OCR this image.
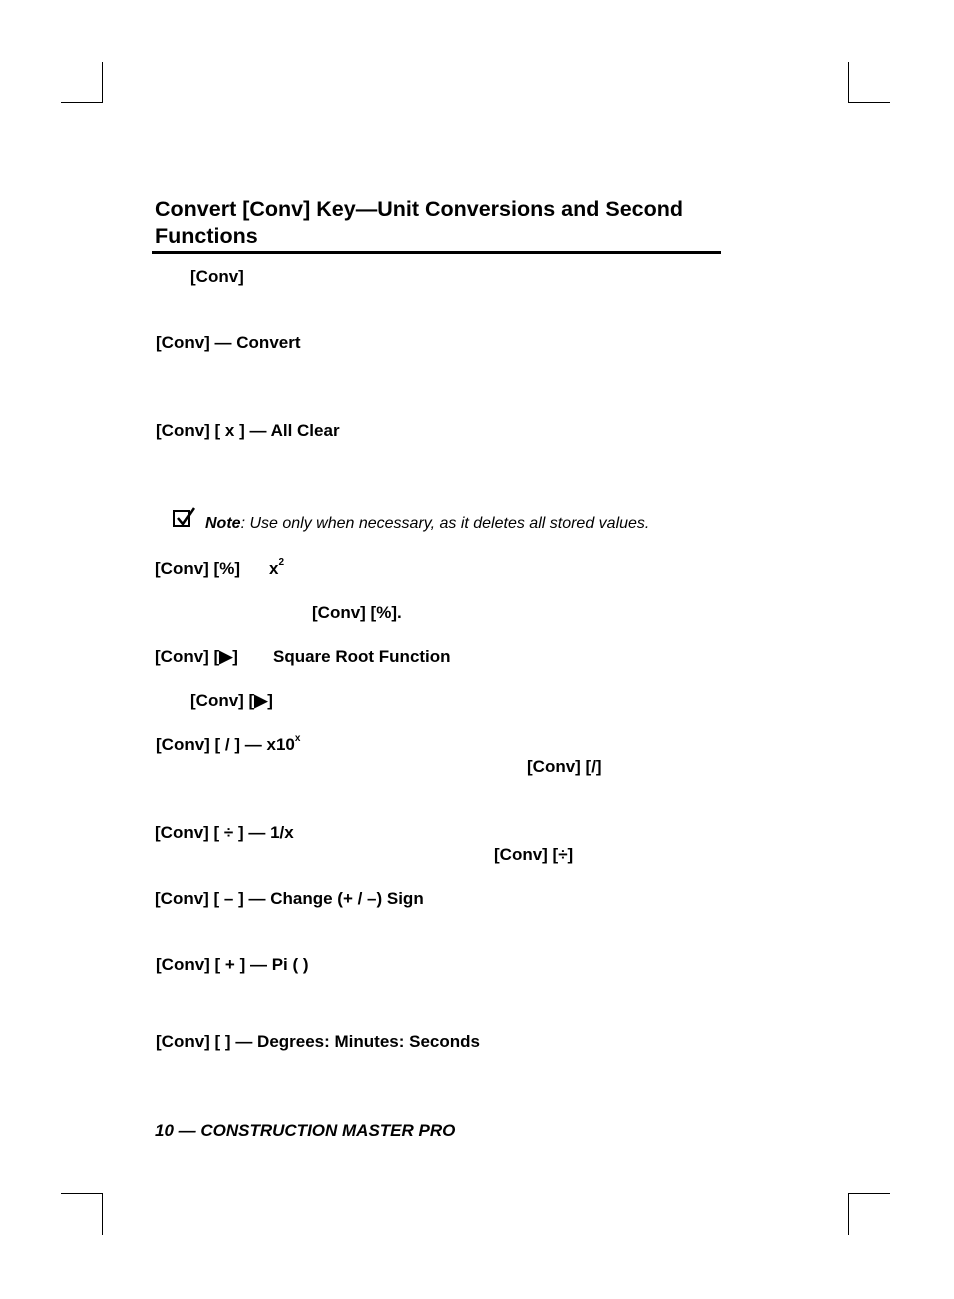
Convert [Conv] Key—Unit Conversions and Second
Functions
[Conv]
[Conv] — Convert
[Conv] [ x ] — All Clear
Note: Use only when necessary, as it deletes all stored values.
[Conv] [%] $x^2$
[Conv] [%].
[Conv] [▶] Square Root Function
[Conv] [▶]
[Conv] [ / ] — x10$^x$
[Conv] [/]
[Conv] [ ÷ ] — 1/x
[Conv] [÷]
[Conv] [ – ] — Change (+ / –) Sign
[Conv] [ + ] — Pi ( )
[Conv] [ ] — Degrees: Minutes: Seconds
10 — CONSTRUCTION MASTER PRO
